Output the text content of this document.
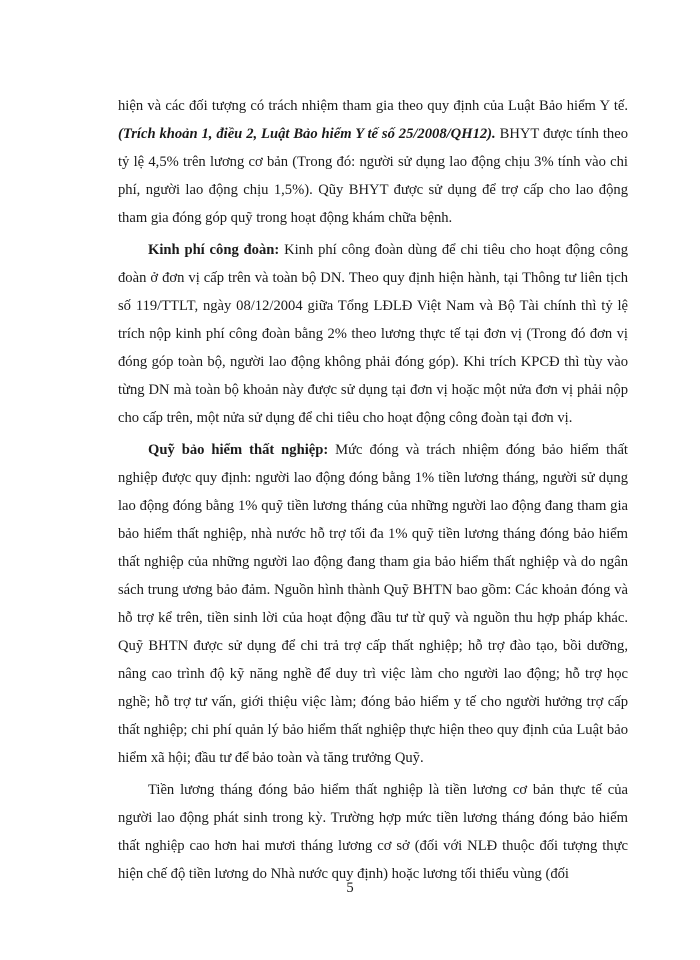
hiện và các đối tượng có trách nhiệm tham gia theo quy định của Luật Bảo hiểm Y tế. (Trích khoản 1, điều 2, Luật Bảo hiểm Y tế số 25/2008/QH12). BHYT được tính theo tỷ lệ 4,5% trên lương cơ bản (Trong đó: người sử dụng lao động chịu 3% tính vào chi phí, người lao động chịu 1,5%). Qũy BHYT được sử dụng để trợ cấp cho lao động tham gia đóng góp quỹ trong hoạt động khám chữa bệnh.

Kinh phí công đoàn: Kinh phí công đoàn dùng để chi tiêu cho hoạt động công đoàn ở đơn vị cấp trên và toàn bộ DN. Theo quy định hiện hành, tại Thông tư liên tịch số 119/TTLT, ngày 08/12/2004 giữa Tổng LĐLĐ Việt Nam và Bộ Tài chính thì tỷ lệ trích nộp kinh phí công đoàn bằng 2% theo lương thực tế tại đơn vị (Trong đó đơn vị đóng góp toàn bộ, người lao động không phải đóng góp). Khi trích KPCĐ thì tùy vào từng DN mà toàn bộ khoản này được sử dụng tại đơn vị hoặc một nửa đơn vị phải nộp cho cấp trên, một nửa sử dụng để chi tiêu cho hoạt động công đoàn tại đơn vị.

Quỹ bảo hiểm thất nghiệp: Mức đóng và trách nhiệm đóng bảo hiểm thất nghiệp được quy định: người lao động đóng bằng 1% tiền lương tháng, người sử dụng lao động đóng bằng 1% quỹ tiền lương tháng của những người lao động đang tham gia bảo hiểm thất nghiệp, nhà nước hỗ trợ tối đa 1% quỹ tiền lương tháng đóng bảo hiểm thất nghiệp của những người lao động đang tham gia bảo hiểm thất nghiệp và do ngân sách trung ương bảo đảm. Nguồn hình thành Quỹ BHTN bao gồm: Các khoản đóng và hỗ trợ kể trên, tiền sinh lời của hoạt động đầu tư từ quỹ và nguồn thu hợp pháp khác. Quỹ BHTN được sử dụng để chi trả trợ cấp thất nghiệp; hỗ trợ đào tạo, bồi dưỡng, nâng cao trình độ kỹ năng nghề để duy trì việc làm cho người lao động; hỗ trợ học nghề; hỗ trợ tư vấn, giới thiệu việc làm; đóng bảo hiểm y tế cho người hưởng trợ cấp thất nghiệp; chi phí quản lý bảo hiểm thất nghiệp thực hiện theo quy định của Luật bảo hiểm xã hội; đầu tư để bảo toàn và tăng trưởng Quỹ.

Tiền lương tháng đóng bảo hiểm thất nghiệp là tiền lương cơ bản thực tế của người lao động phát sinh trong kỳ. Trường hợp mức tiền lương tháng đóng bảo hiểm thất nghiệp cao hơn hai mươi tháng lương cơ sở (đối với NLĐ thuộc đối tượng thực hiện chế độ tiền lương do Nhà nước quy định) hoặc lương tối thiểu vùng (đối

5
